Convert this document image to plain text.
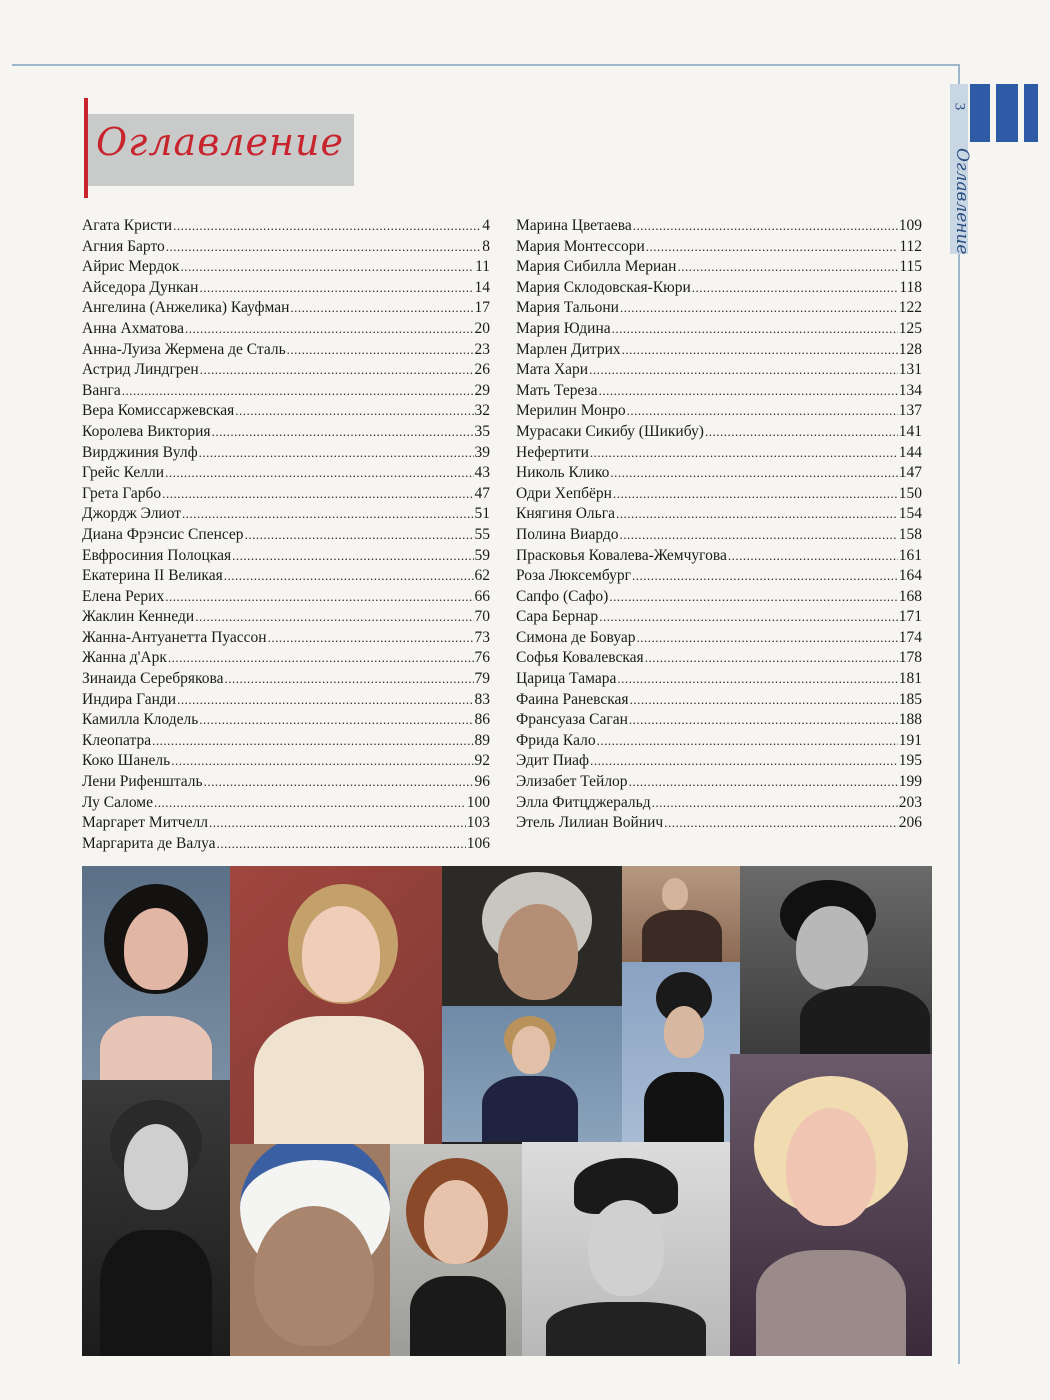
Оглавление
3
Оглавление
Агата Кристи .....	4
Агния Барто .....	8
Айрис Мердок .....	11
Айседора Дункан .....	14
Ангелина (Анжелика) Кауфман .....	17
Анна Ахматова .....	20
Анна-Луиза Жермена де Сталь .....	23
Астрид Линдгрен .....	26
Ванга .....	29
Вера Комиссаржевская .....	32
Королева Виктория .....	35
Вирджиния Вулф .....	39
Грейс Келли .....	43
Грета Гарбо .....	47
Джордж Элиот .....	51
Диана Фрэнсис Спенсер .....	55
Евфросиния Полоцкая .....	59
Екатерина II Великая .....	62
Елена Рерих .....	66
Жаклин Кеннеди .....	70
Жанна-Антуанетта Пуассон .....	73
Жанна д'Арк .....	76
Зинаида Серебрякова .....	79
Индира Ганди .....	83
Камилла Клодель .....	86
Клеопатра .....	89
Коко Шанель .....	92
Лени Рифеншталь .....	96
Лу Саломе .....	100
Маргарет Митчелл .....	103
Маргарита де Валуа .....	106
Марина Цветаева .....	109
Мария Монтессори .....	112
Мария Сибилла Мериан .....	115
Мария Склодовская-Кюри .....	118
Мария Тальони .....	122
Мария Юдина .....	125
Марлен Дитрих .....	128
Мата Хари .....	131
Мать Тереза .....	134
Мерилин Монро .....	137
Мурасаки Сикибу (Шикибу) .....	141
Нефертити .....	144
Николь Клико .....	147
Одри Хепбёрн .....	150
Княгиня Ольга .....	154
Полина Виардо .....	158
Прасковья Ковалева-Жемчугова .....	161
Роза Люксембург .....	164
Сапфо (Сафо) .....	168
Сара Бернар .....	171
Симона де Бовуар .....	174
Софья Ковалевская .....	178
Царица Тамара .....	181
Фаина Раневская .....	185
Франсуаза Саган .....	188
Фрида Кало .....	191
Эдит Пиаф .....	195
Элизабет Тейлор .....	199
Элла Фитцджеральд .....	203
Этель Лилиан Войнич .....	206
